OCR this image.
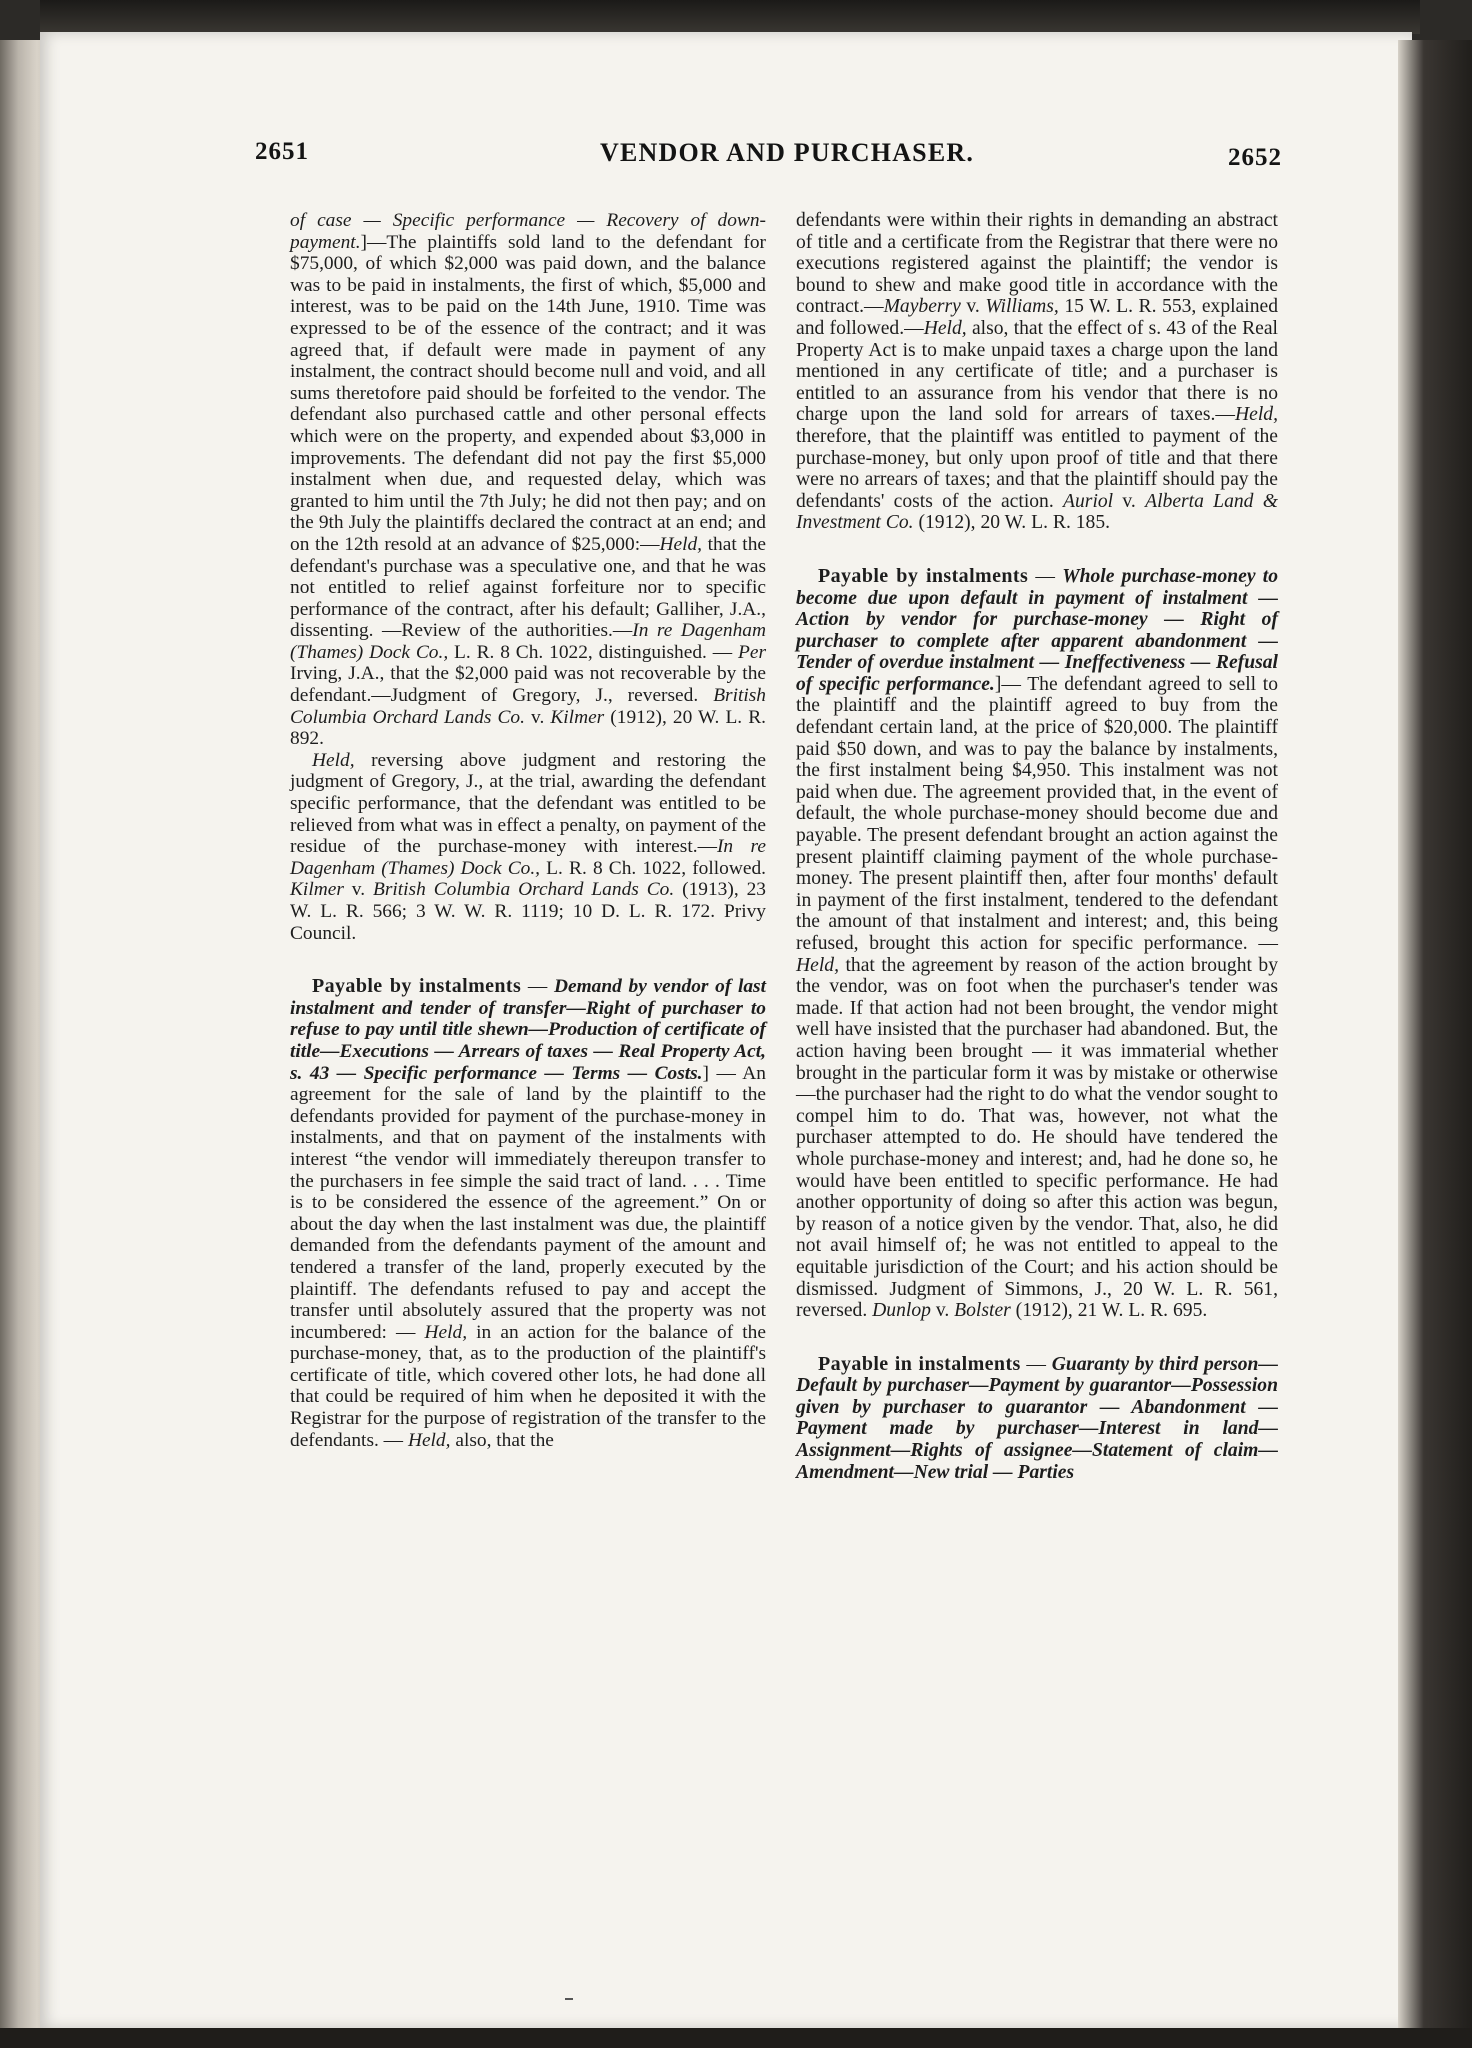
2651	VENDOR AND PURCHASER.	2652

of case — Specific performance — Recovery of down-payment.]—The plaintiffs sold land to the defendant for $75,000, of which $2,000 was paid down, and the balance was to be paid in instalments, the first of which, $5,000 and interest, was to be paid on the 14th June, 1910. Time was expressed to be of the essence of the contract; and it was agreed that, if default were made in payment of any instalment, the contract should become null and void, and all sums theretofore paid should be forfeited to the vendor. The defendant also purchased cattle and other personal effects which were on the property, and expended about $3,000 in improvements. The defendant did not pay the first $5,000 instalment when due, and requested delay, which was granted to him until the 7th July; he did not then pay; and on the 9th July the plaintiffs declared the contract at an end; and on the 12th resold at an advance of $25,000:—Held, that the defendant's purchase was a speculative one, and that he was not entitled to relief against forfeiture nor to specific performance of the contract, after his default; Galliher, J.A., dissenting. —Review of the authorities.—In re Dagenham (Thames) Dock Co., L. R. 8 Ch. 1022, distinguished. — Per Irving, J.A., that the $2,000 paid was not recoverable by the defendant.—Judgment of Gregory, J., reversed. British Columbia Orchard Lands Co. v. Kilmer (1912), 20 W. L. R. 892.

Held, reversing above judgment and restoring the judgment of Gregory, J., at the trial, awarding the defendant specific performance, that the defendant was entitled to be relieved from what was in effect a penalty, on payment of the residue of the purchase-money with interest.—In re Dagenham (Thames) Dock Co., L. R. 8 Ch. 1022, followed. Kilmer v. British Columbia Orchard Lands Co. (1913), 23 W. L. R. 566; 3 W. W. R. 1119; 10 D. L. R. 172. Privy Council.

Payable by instalments — Demand by vendor of last instalment and tender of transfer—Right of purchaser to refuse to pay until title shewn—Production of certificate of title—Executions — Arrears of taxes — Real Property Act, s. 43 — Specific performance — Terms — Costs.] — An agreement for the sale of land by the plaintiff to the defendants provided for payment of the purchase-money in instalments, and that on payment of the instalments with interest “the vendor will immediately thereupon transfer to the purchasers in fee simple the said tract of land. . . . Time is to be considered the essence of the agreement.” On or about the day when the last instalment was due, the plaintiff demanded from the defendants payment of the amount and tendered a transfer of the land, properly executed by the plaintiff. The defendants refused to pay and accept the transfer until absolutely assured that the property was not incumbered: — Held, in an action for the balance of the purchase-money, that, as to the production of the plaintiff's certificate of title, which covered other lots, he had done all that could be required of him when he deposited it with the Registrar for the purpose of registration of the transfer to the defendants. — Held, also, that the

defendants were within their rights in demanding an abstract of title and a certificate from the Registrar that there were no executions registered against the plaintiff; the vendor is bound to shew and make good title in accordance with the contract.—Mayberry v. Williams, 15 W. L. R. 553, explained and followed.—Held, also, that the effect of s. 43 of the Real Property Act is to make unpaid taxes a charge upon the land mentioned in any certificate of title; and a purchaser is entitled to an assurance from his vendor that there is no charge upon the land sold for arrears of taxes.—Held, therefore, that the plaintiff was entitled to payment of the purchase-money, but only upon proof of title and that there were no arrears of taxes; and that the plaintiff should pay the defendants' costs of the action. Auriol v. Alberta Land & Investment Co. (1912), 20 W. L. R. 185.

Payable by instalments — Whole purchase-money to become due upon default in payment of instalment — Action by vendor for purchase-money — Right of purchaser to complete after apparent abandonment — Tender of overdue instalment — Ineffectiveness — Refusal of specific performance.]— The defendant agreed to sell to the plaintiff and the plaintiff agreed to buy from the defendant certain land, at the price of $20,000. The plaintiff paid $50 down, and was to pay the balance by instalments, the first instalment being $4,950. This instalment was not paid when due. The agreement provided that, in the event of default, the whole purchase-money should become due and payable. The present defendant brought an action against the present plaintiff claiming payment of the whole purchase-money. The present plaintiff then, after four months' default in payment of the first instalment, tendered to the defendant the amount of that instalment and interest; and, this being refused, brought this action for specific performance. — Held, that the agreement by reason of the action brought by the vendor, was on foot when the purchaser's tender was made. If that action had not been brought, the vendor might well have insisted that the purchaser had abandoned. But, the action having been brought — it was immaterial whether brought in the particular form it was by mistake or otherwise—the purchaser had the right to do what the vendor sought to compel him to do. That was, however, not what the purchaser attempted to do. He should have tendered the whole purchase-money and interest; and, had he done so, he would have been entitled to specific performance. He had another opportunity of doing so after this action was begun, by reason of a notice given by the vendor. That, also, he did not avail himself of; he was not entitled to appeal to the equitable jurisdiction of the Court; and his action should be dismissed. Judgment of Simmons, J., 20 W. L. R. 561, reversed. Dunlop v. Bolster (1912), 21 W. L. R. 695.

Payable in instalments — Guaranty by third person—Default by purchaser—Payment by guarantor—Possession given by purchaser to guarantor — Abandonment — Payment made by purchaser—Interest in land— Assignment—Rights of assignee—Statement of claim—Amendment—New trial — Parties
